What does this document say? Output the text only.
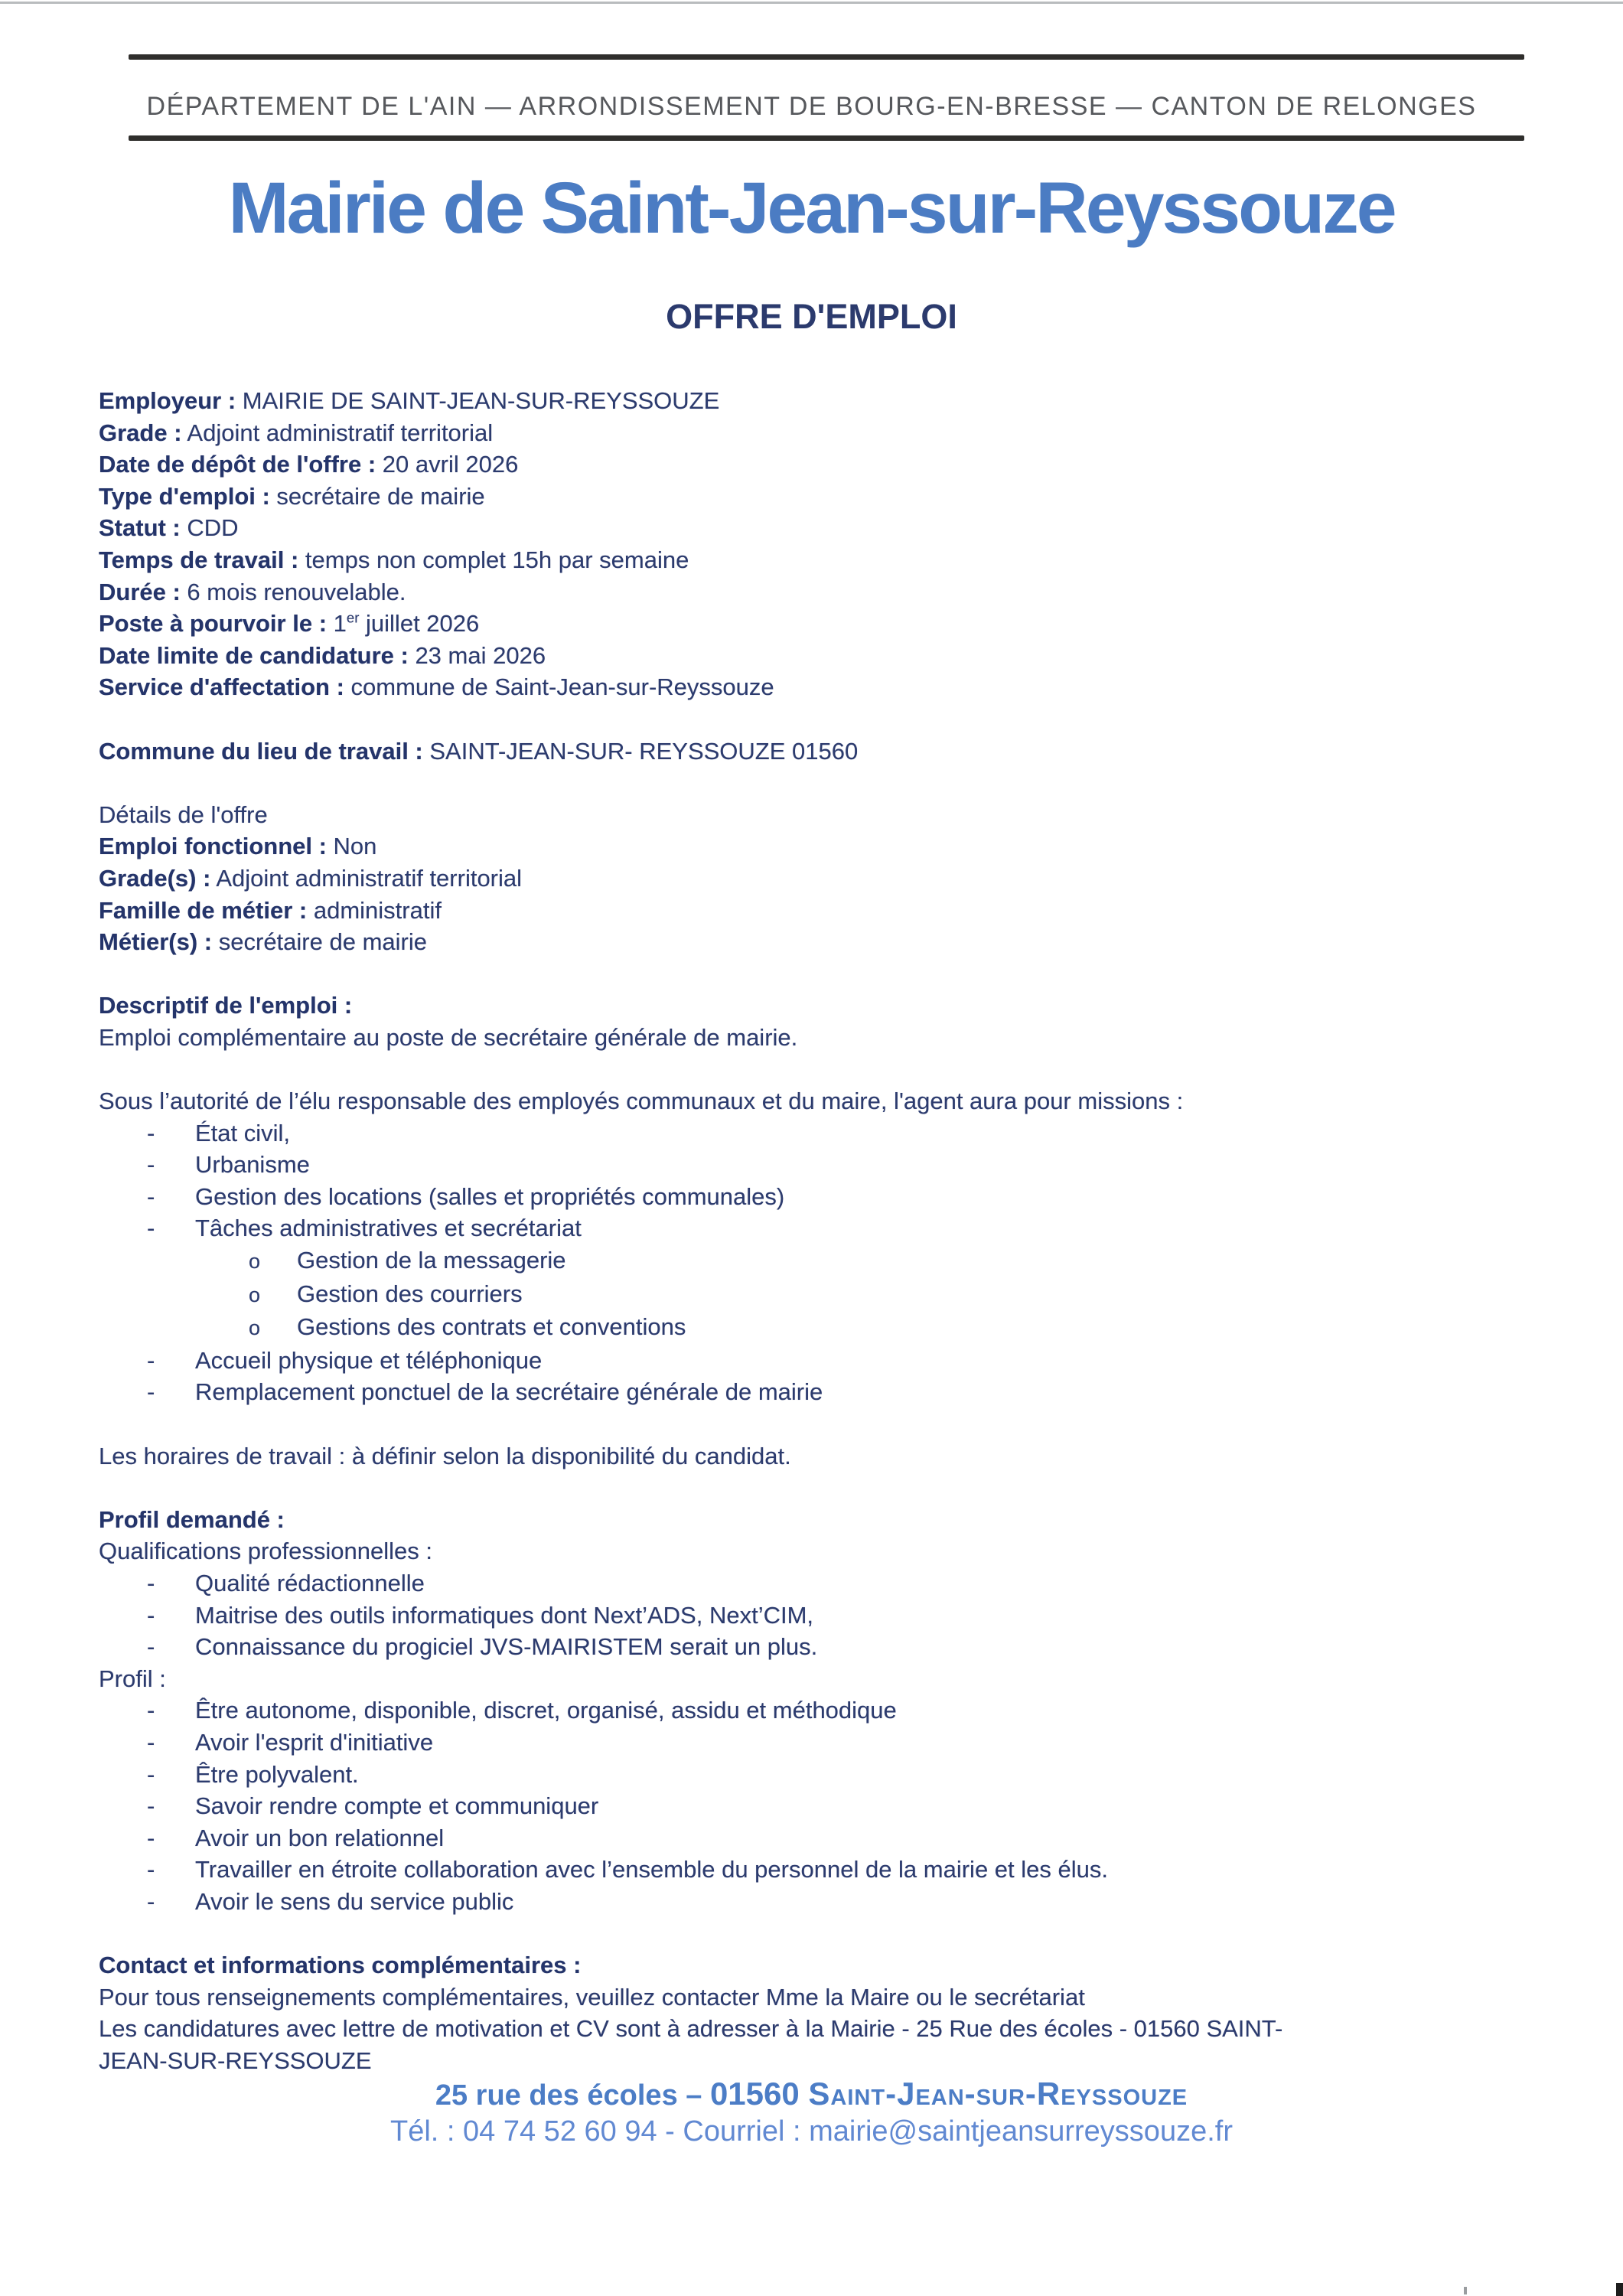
DÉPARTEMENT DE L'AIN — ARRONDISSEMENT DE BOURG-EN-BRESSE — CANTON DE RELONGES
Mairie de Saint-Jean-sur-Reyssouze
OFFRE D'EMPLOI
Employeur : MAIRIE DE SAINT-JEAN-SUR-REYSSOUZE
Grade : Adjoint administratif territorial
Date de dépôt de l'offre : 20 avril 2026
Type d'emploi : secrétaire de mairie
Statut : CDD
Temps de travail : temps non complet 15h par semaine
Durée : 6 mois renouvelable.
Poste à pourvoir le : 1er juillet 2026
Date limite de candidature : 23 mai 2026
Service d'affectation : commune de Saint-Jean-sur-Reyssouze

Commune du lieu de travail : SAINT-JEAN-SUR- REYSSOUZE 01560

Détails de l'offre
Emploi fonctionnel : Non
Grade(s) : Adjoint administratif territorial
Famille de métier : administratif
Métier(s) : secrétaire de mairie

Descriptif de l'emploi :
Emploi complémentaire au poste de secrétaire générale de mairie.

Sous l’autorité de l’élu responsable des employés communaux et du maire, l'agent aura pour missions :
- État civil,
- Urbanisme
- Gestion des locations (salles et propriétés communales)
- Tâches administratives et secrétariat
o Gestion de la messagerie
o Gestion des courriers
o Gestions des contrats et conventions
- Accueil physique et téléphonique
- Remplacement ponctuel de la secrétaire générale de mairie

Les horaires de travail : à définir selon la disponibilité du candidat.

Profil demandé :
Qualifications professionnelles :
- Qualité rédactionnelle
- Maitrise des outils informatiques dont Next’ADS, Next’CIM,
- Connaissance du progiciel JVS-MAIRISTEM serait un plus.
Profil :
- Être autonome, disponible, discret, organisé, assidu et méthodique
- Avoir l'esprit d'initiative
- Être polyvalent.
- Savoir rendre compte et communiquer
- Avoir un bon relationnel
- Travailler en étroite collaboration avec l’ensemble du personnel de la mairie et les élus.
- Avoir le sens du service public

Contact et informations complémentaires :
Pour tous renseignements complémentaires, veuillez contacter Mme la Maire ou le secrétariat
Les candidatures avec lettre de motivation et CV sont à adresser à la Mairie - 25 Rue des écoles - 01560 SAINT-
JEAN-SUR-REYSSOUZE
25 rue des écoles – 01560 Saint-Jean-sur-Reyssouze
Tél. : 04 74 52 60 94 - Courriel : mairie@saintjeansurreyssouze.fr
